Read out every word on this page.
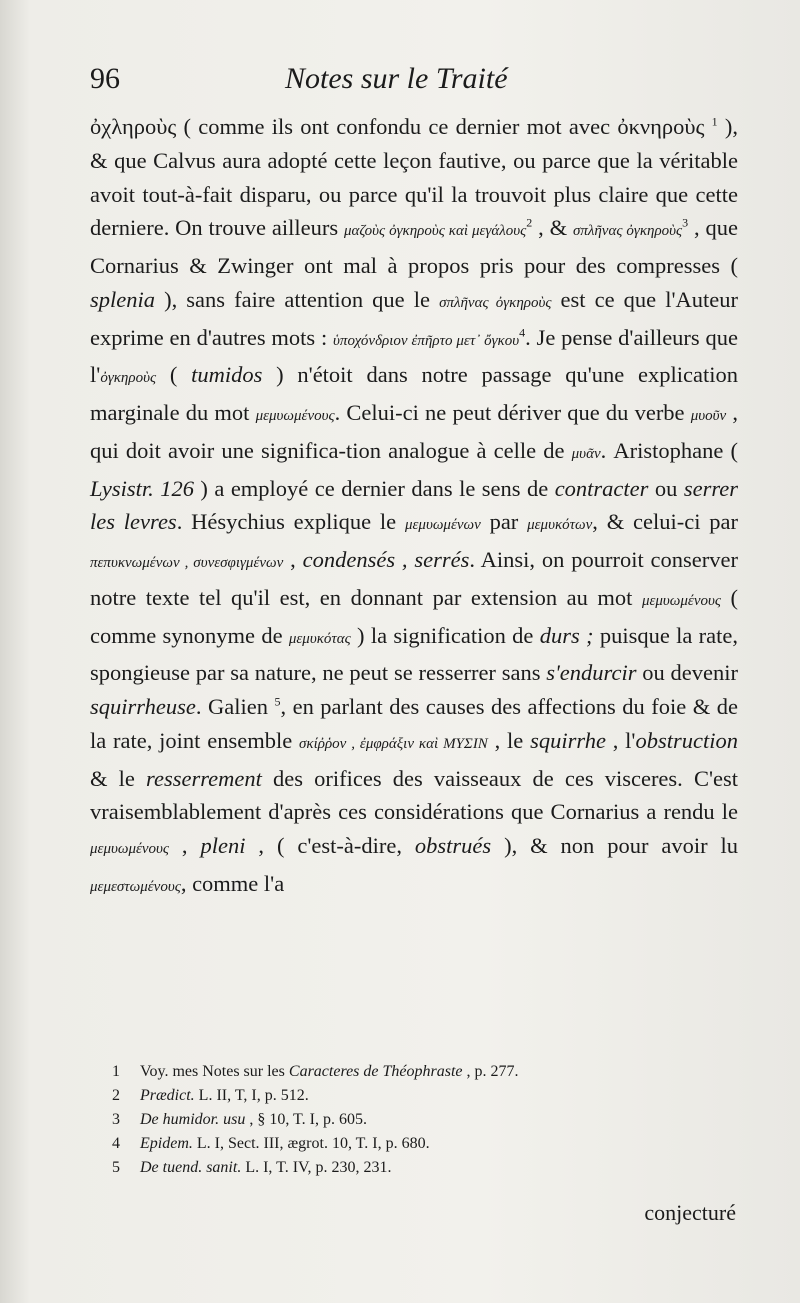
96	Notes sur le Traité

ὀχληροὺς ( comme ils ont confondu ce dernier mot avec ὀκνηροὺς $^1$ ), & que Calvus aura adopté cette leçon fautive, ou parce que la véritable avoit tout-à-fait disparu, ou parce qu'il la trouvoit plus claire que cette derniere. On trouve ailleurs μαζοὺς ὀγκηροὺς καὶ μεγάλους$^2$ , & σπλῆνας ὀγκηροὺς$^3$ , que Cornarius & Zwinger ont mal à propos pris pour des compresses ( splenia ), sans faire attention que le σπλῆνας ὀγκηροὺς est ce que l'Auteur exprime en d'autres mots : ὑποχόνδριον ἐπῆρτο μετ᾽ ὄγκου$^4$. Je pense d'ailleurs que l'ὀγκηροὺς ( tumidos ) n'étoit dans notre passage qu'une explication marginale du mot μεμυωμένους. Celui-ci ne peut dériver que du verbe μυοῦν , qui doit avoir une significa-tion analogue à celle de μυᾶν. Aristophane ( Lysistr. 126 ) a employé ce dernier dans le sens de contracter ou serrer les levres. Hésychius explique le μεμυωμένων par μεμυκότων, & celui-ci par πεπυκνωμένων , συνεσφιγμένων , condensés , serrés. Ainsi, on pourroit conserver notre texte tel qu'il est, en donnant par extension au mot μεμυωμένους ( comme synonyme de μεμυκότας ) la signification de durs ; puisque la rate, spongieuse par sa nature, ne peut se resserrer sans s'endurcir ou devenir squirrheuse. Galien $^5$, en parlant des causes des affections du foie & de la rate, joint ensemble σκίῤῥον , ἐμφράξιν καὶ ΜΥΣΙΝ , le squirrhe , l'obstruction & le resserrement des orifices des vaisseaux de ces visceres. C'est vraisemblablement d'après ces considérations que Cornarius a rendu le μεμυωμένους , pleni , ( c'est-à-dire, obstrués ), & non pour avoir lu μεμεστωμένους, comme l'a

1 Voy. mes Notes sur les Caracteres de Théophraste , p. 277.
2 Prædict. L. II, T, I, p. 512.
3 De humidor. usu , § 10, T. I, p. 605.
4 Epidem. L. I, Sect. III, ægrot. 10, T. I, p. 680.
5 De tuend. sanit. L. I, T. IV, p. 230, 231.
conjecturé
